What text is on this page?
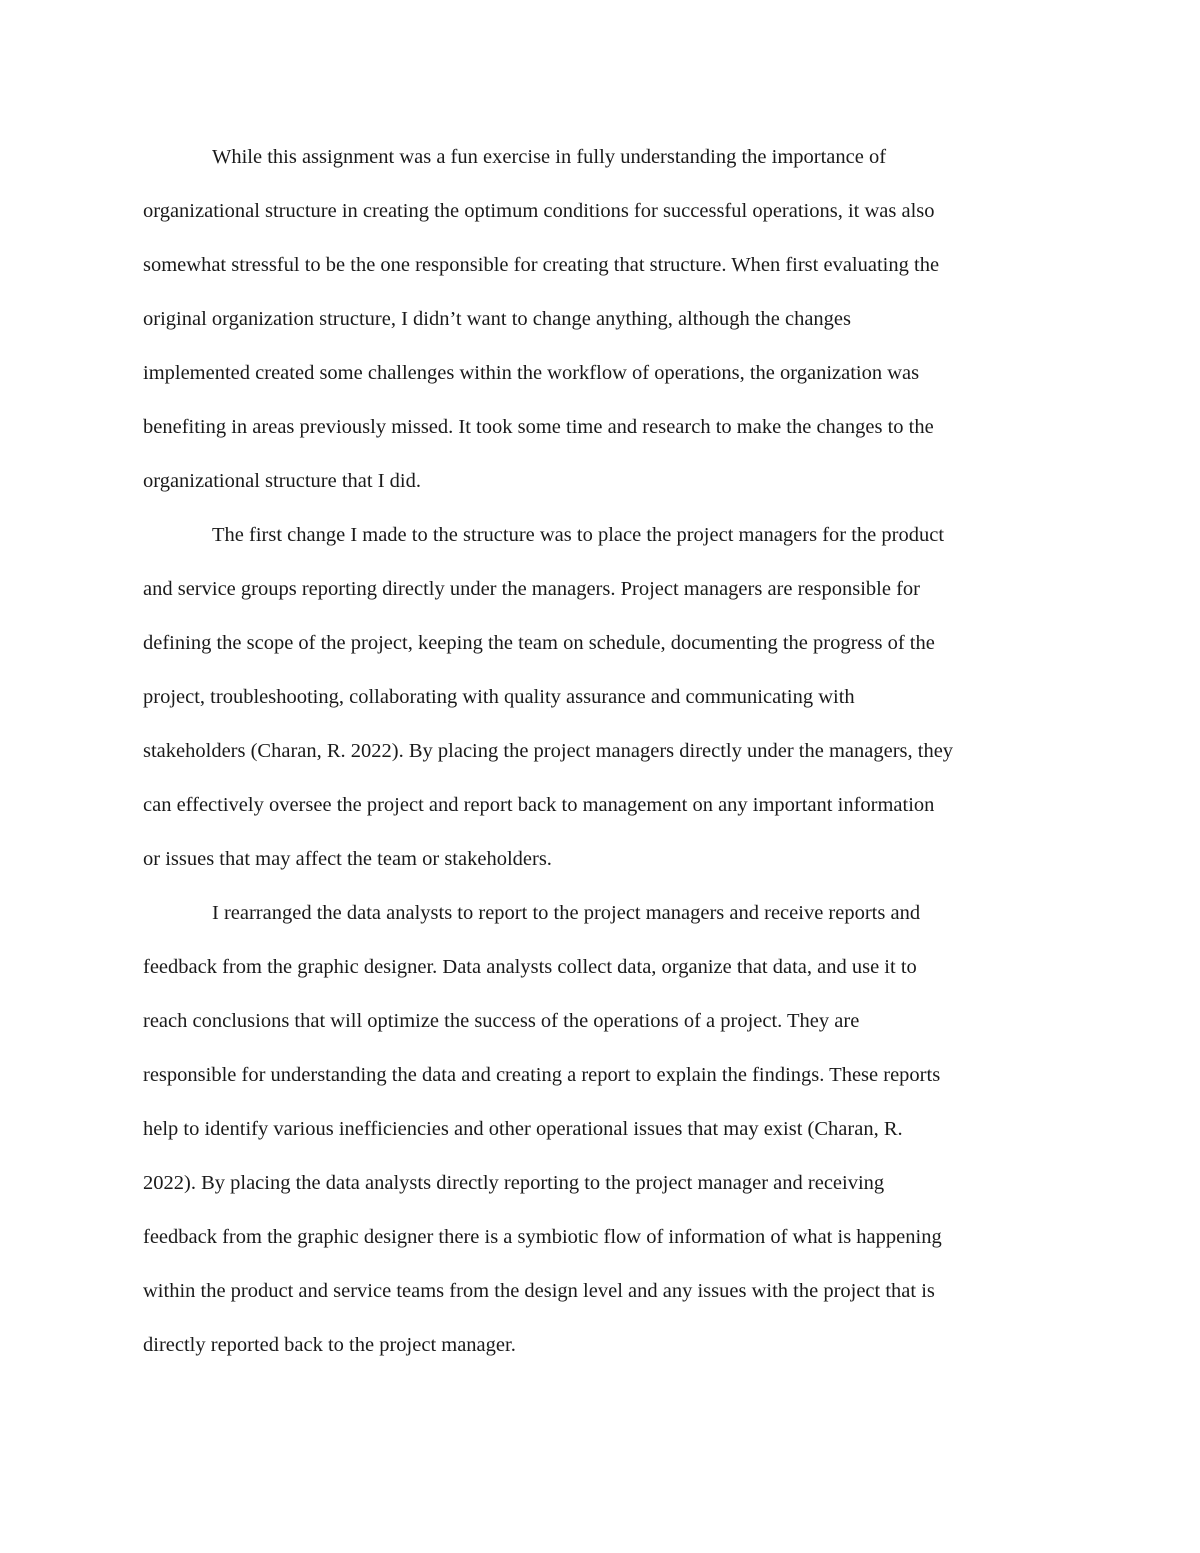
While this assignment was a fun exercise in fully understanding the importance of
organizational structure in creating the optimum conditions for successful operations, it was also
somewhat stressful to be the one responsible for creating that structure. When first evaluating the
original organization structure, I didn’t want to change anything, although the changes
implemented created some challenges within the workflow of operations, the organization was
benefiting in areas previously missed. It took some time and research to make the changes to the
organizational structure that I did.
The first change I made to the structure was to place the project managers for the product
and service groups reporting directly under the managers. Project managers are responsible for
defining the scope of the project, keeping the team on schedule, documenting the progress of the
project, troubleshooting, collaborating with quality assurance and communicating with
stakeholders (Charan, R. 2022). By placing the project managers directly under the managers, they
can effectively oversee the project and report back to management on any important information
or issues that may affect the team or stakeholders.
I rearranged the data analysts to report to the project managers and receive reports and
feedback from the graphic designer. Data analysts collect data, organize that data, and use it to
reach conclusions that will optimize the success of the operations of a project. They are
responsible for understanding the data and creating a report to explain the findings. These reports
help to identify various inefficiencies and other operational issues that may exist (Charan, R.
2022). By placing the data analysts directly reporting to the project manager and receiving
feedback from the graphic designer there is a symbiotic flow of information of what is happening
within the product and service teams from the design level and any issues with the project that is
directly reported back to the project manager.
